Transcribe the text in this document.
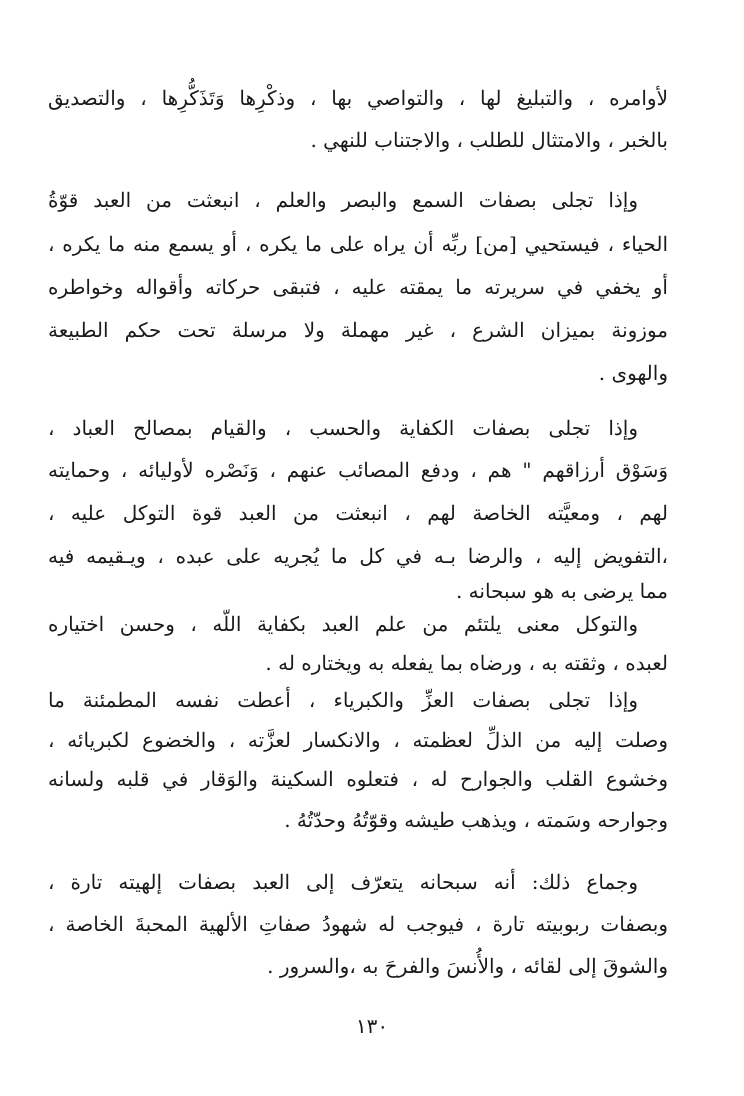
لأوامره ، والتبليغ لها ، والتواصي بها ، وذكْرِها وَتَذَكُّرِها ، والتصديق
بالخبر ، والامتثال للطلب ، والاجتناب للنهي .
وإذا تجلى بصفات السمع والبصر والعلم ، انبعثت من العبد قوّةُ
الحياء ، فيستحيي [من] ربِّه أن يراه على ما يكره ، أو يسمع منه ما يكره ،
أو يخفي في سريرته ما يمقته عليه ، فتبقى حركاته وأقواله وخواطره
موزونة بميزان الشرع ، غير مهملة ولا مرسلة تحت حكم الطبيعة
والهوى .
وإذا تجلى بصفات الكفاية والحسب ، والقيام بمصالح العباد ،
وَسَوْق أرزاقهم " هم ، ودفع المصائب عنهم ، وَنَصْره لأوليائه ، وحمايته
لهم ، ومعيَّته الخاصة لهم ، انبعثت من العبد قوة التوكل عليه ،
،التفويض إليه ، والرضا بـه في كل ما يُجريه على عبده ، ويـقيمه فيه
مما يرضى به هو سبحانه .
والتوكل معنى يلتئم من علم العبد بكفاية اللّه ، وحسن اختياره
لعبده ، وثقته به ، ورضاه بما يفعله به ويختاره له .
وإذا تجلى بصفات العزِّ والكبرياء ، أعطت نفسه المطمئنة ما
وصلت إليه من الذلِّ لعظمته ، والانكسار لعزَّته ، والخضوع لكبريائه ،
وخشوع القلب والجوارح له ، فتعلوه السكينة والوَقار في قلبه ولسانه
وجوارحه وسَمته ، ويذهب طيشه وقوّتُهُ وحدّتُهُ .
وجماع ذلك: أنه سبحانه يتعرّف إلى العبد بصفات إلهيته تارة ،
وبصفات ربوبيته تارة ، فيوجب له شهودُ صفاتِ الألهية المحبةَ الخاصة ،
والشوقَ إلى لقائه ، والأُنسَ والفرحَ به ،والسرور .
١٣٠
